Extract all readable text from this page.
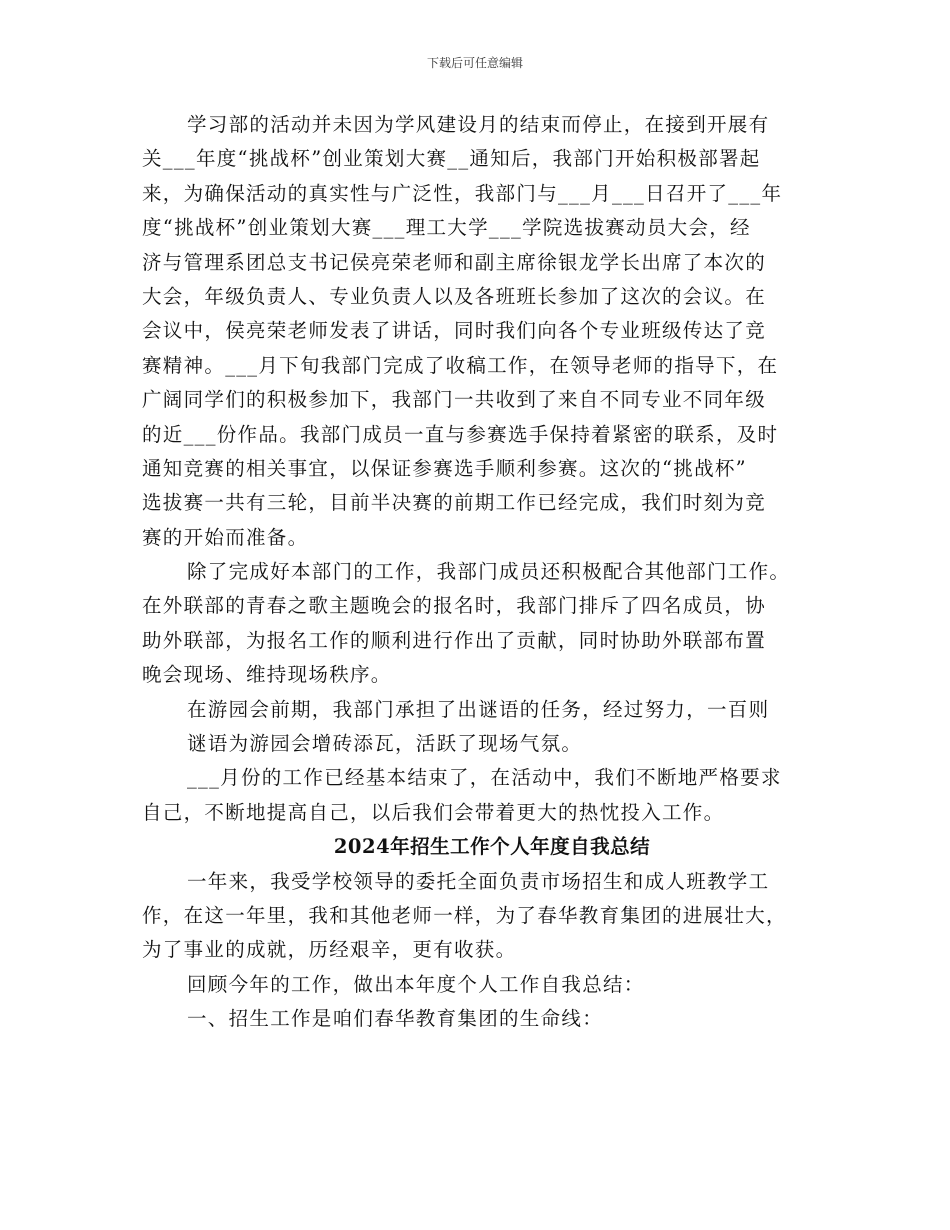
下载后可任意编辑
学习部的活动并未因为学风建设月的结束而停止，在接到开展有
关___年度“挑战杯”创业策划大赛__通知后，我部门开始积极部署起
来，为确保活动的真实性与广泛性，我部门与___月___日召开了___年
度“挑战杯”创业策划大赛___理工大学___学院选拔赛动员大会，经
济与管理系团总支书记侯亮荣老师和副主席徐银龙学长出席了本次的
大会，年级负责人、专业负责人以及各班班长参加了这次的会议。在
会议中，侯亮荣老师发表了讲话，同时我们向各个专业班级传达了竞
赛精神。___月下旬我部门完成了收稿工作，在领导老师的指导下，在
广阔同学们的积极参加下，我部门一共收到了来自不同专业不同年级
的近___份作品。我部门成员一直与参赛选手保持着紧密的联系，及时
通知竞赛的相关事宜，以保证参赛选手顺利参赛。这次的“挑战杯”
选拔赛一共有三轮，目前半决赛的前期工作已经完成，我们时刻为竞
赛的开始而准备。
除了完成好本部门的工作，我部门成员还积极配合其他部门工作。
在外联部的青春之歌主题晚会的报名时，我部门排斥了四名成员，协
助外联部，为报名工作的顺利进行作出了贡献，同时协助外联部布置
晚会现场、维持现场秩序。
在游园会前期，我部门承担了出谜语的任务，经过努力，一百则
谜语为游园会增砖添瓦，活跃了现场气氛。
___月份的工作已经基本结束了，在活动中，我们不断地严格要求
自己，不断地提高自己，以后我们会带着更大的热忱投入工作。
2024年招生工作个人年度自我总结
一年来，我受学校领导的委托全面负责市场招生和成人班教学工
作，在这一年里，我和其他老师一样，为了春华教育集团的进展壮大，
为了事业的成就，历经艰辛，更有收获。
回顾今年的工作，做出本年度个人工作自我总结：
一、招生工作是咱们春华教育集团的生命线：
